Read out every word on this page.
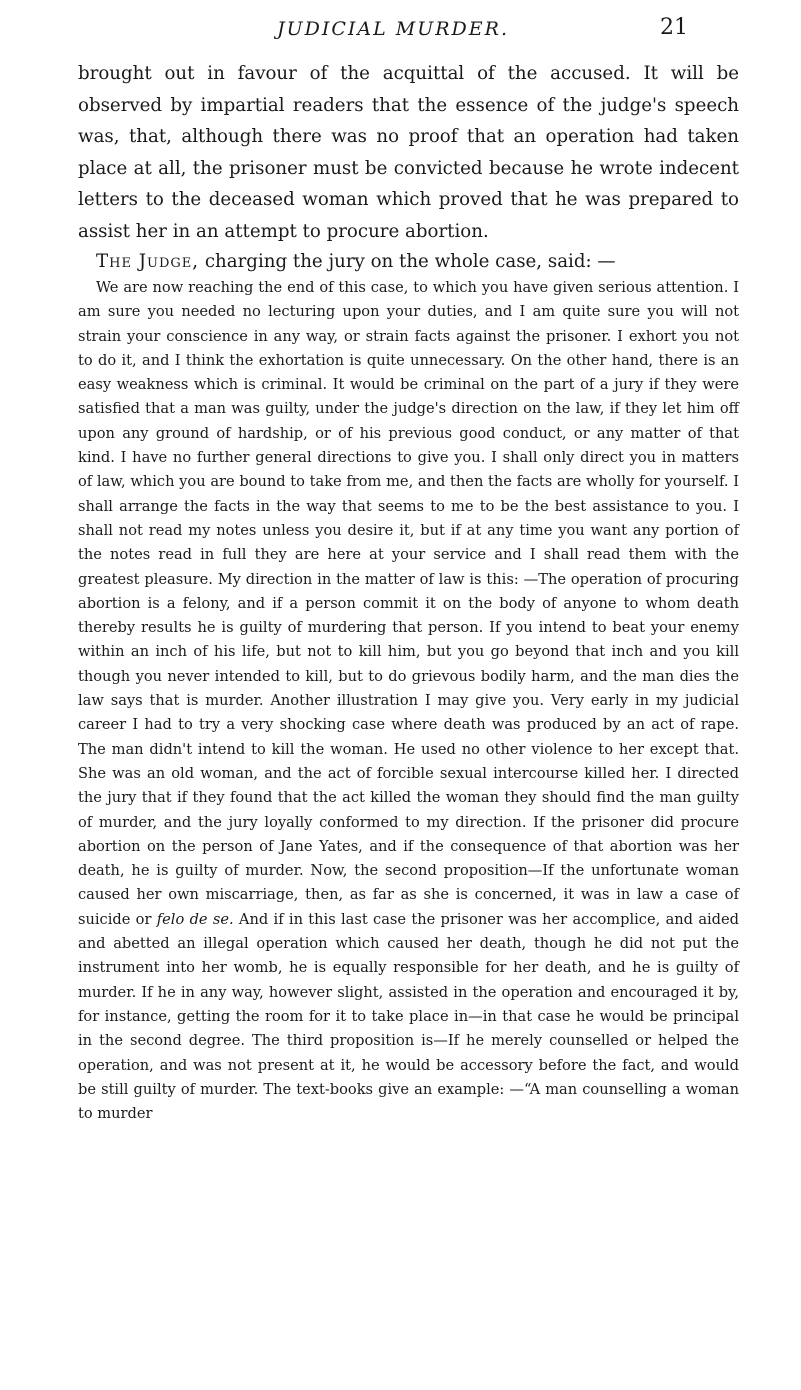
JUDICIAL MURDER.	21

brought out in favour of the acquittal of the accused. It will be observed by impartial readers that the essence of the judge's speech was, that, although there was no proof that an operation had taken place at all, the prisoner must be convicted because he wrote indecent letters to the deceased woman which proved that he was prepared to assist her in an attempt to procure abortion.

The Judge, charging the jury on the whole case, said: —

We are now reaching the end of this case, to which you have given serious attention. I am sure you needed no lecturing upon your duties, and I am quite sure you will not strain your conscience in any way, or strain facts against the prisoner. I exhort you not to do it, and I think the exhortation is quite unnecessary. On the other hand, there is an easy weakness which is criminal. It would be criminal on the part of a jury if they were satisfied that a man was guilty, under the judge's direction on the law, if they let him off upon any ground of hardship, or of his previous good conduct, or any matter of that kind. I have no further general directions to give you. I shall only direct you in matters of law, which you are bound to take from me, and then the facts are wholly for yourself. I shall arrange the facts in the way that seems to me to be the best assistance to you. I shall not read my notes unless you desire it, but if at any time you want any portion of the notes read in full they are here at your service and I shall read them with the greatest pleasure. My direction in the matter of law is this: —The operation of procuring abortion is a felony, and if a person commit it on the body of anyone to whom death thereby results he is guilty of murdering that person. If you intend to beat your enemy within an inch of his life, but not to kill him, but you go beyond that inch and you kill though you never intended to kill, but to do grievous bodily harm, and the man dies the law says that is murder. Another illustration I may give you. Very early in my judicial career I had to try a very shocking case where death was produced by an act of rape. The man didn't intend to kill the woman. He used no other violence to her except that. She was an old woman, and the act of forcible sexual intercourse killed her. I directed the jury that if they found that the act killed the woman they should find the man guilty of murder, and the jury loyally conformed to my direction. If the prisoner did procure abortion on the person of Jane Yates, and if the consequence of that abortion was her death, he is guilty of murder. Now, the second proposition—If the unfortunate woman caused her own miscarriage, then, as far as she is concerned, it was in law a case of suicide or felo de se. And if in this last case the prisoner was her accomplice, and aided and abetted an illegal operation which caused her death, though he did not put the instrument into her womb, he is equally responsible for her death, and he is guilty of murder. If he in any way, however slight, assisted in the operation and encouraged it by, for instance, getting the room for it to take place in—in that case he would be principal in the second degree. The third proposition is—If he merely counselled or helped the operation, and was not present at it, he would be accessory before the fact, and would be still guilty of murder. The text-books give an example: —“A man counselling a woman to murder
